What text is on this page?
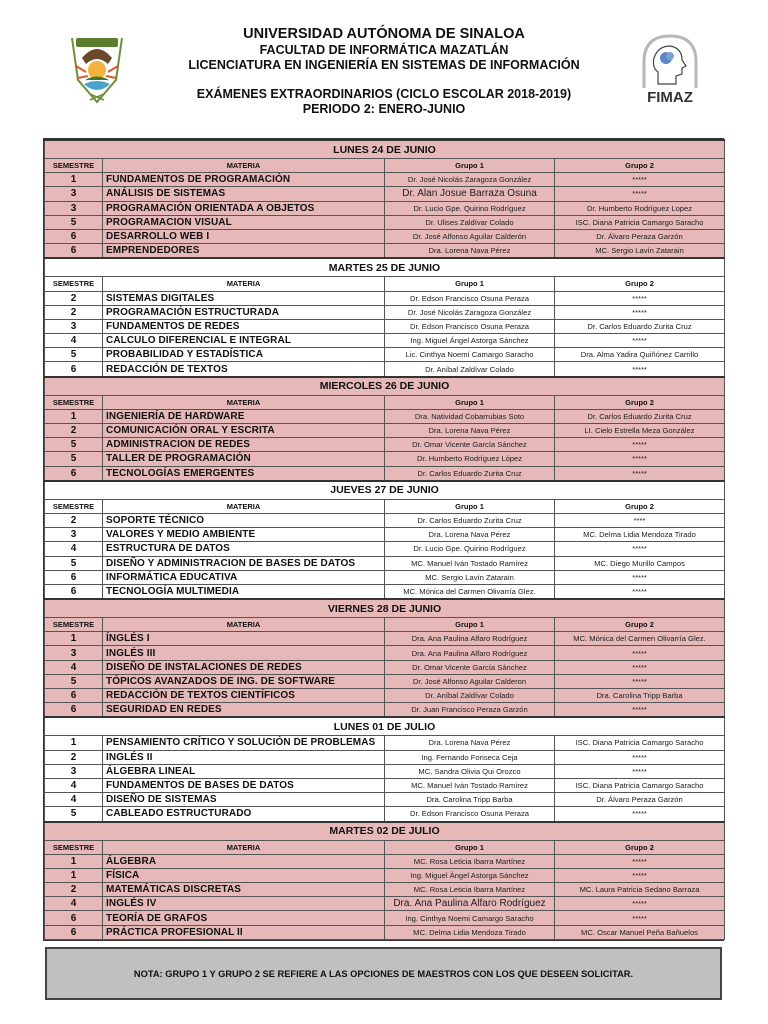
UNIVERSIDAD AUTÓNOMA DE SINALOA
FACULTAD DE INFORMÁTICA MAZATLÁN
LICENCIATURA EN INGENIERÍA EN SISTEMAS DE INFORMACIÓN
EXÁMENES EXTRAORDINARIOS (CICLO ESCOLAR 2018-2019)
PERIODO 2: ENERO-JUNIO
FIMAZ
LUNES 24 DE JUNIO			
SEMESTRE	MATERIA	Grupo 1	Grupo 2
1	FUNDAMENTOS DE PROGRAMACIÓN	Dr. José Nicolás Zaragoza González	*****
3	ANÁLISIS DE SISTEMAS	Dr. Alan Josue Barraza Osuna	*****
3	PROGRAMACIÓN ORIENTADA A OBJETOS	Dr. Lucio Gpe. Quirino Rodríguez	Dr. Humberto Rodríguez Lopez
5	PROGRAMACION VISUAL	Dr. Ulises Zaldívar Colado	ISC. Diana Patricia Camargo Saracho
6	DESARROLLO WEB I	Dr. José Alfonso Aguilar Calderón	Dr. Álvaro Peraza Garzón
6	EMPRENDEDORES	Dra. Lorena Nava Pérez	MC. Sergio Lavín Zatarain
MARTES 25 DE JUNIO			
SEMESTRE	MATERIA	Grupo 1	Grupo 2
2	SISTEMAS DIGITALES	Dr. Edson Francisco Osuna Peraza	*****
2	PROGRAMACIÓN ESTRUCTURADA	Dr. José Nicolás Zaragoza González	*****
3	FUNDAMENTOS DE REDES	Dr. Edson Francisco Osuna Peraza	Dr. Carlos Eduardo Zurita Cruz
4	CALCULO DIFERENCIAL E INTEGRAL	Ing. Miguel Ángel Astorga Sánchez	*****
5	PROBABILIDAD Y ESTADÍSTICA	Lic. Cinthya Noemí Camargo Saracho	Dra. Alma Yadira Quiñónez Carrillo
6	REDACCIÓN DE TEXTOS	Dr. Aníbal Zaldívar Colado	*****
MIERCOLES 26 DE JUNIO			
SEMESTRE	MATERIA	Grupo 1	Grupo 2
1	INGENIERÍA DE HARDWARE	Dra. Natividad Cobarrubias Soto	Dr. Carlos Eduardo Zurita Cruz
2	COMUNICACIÓN ORAL Y ESCRITA	Dra. Lorena Nava Pérez	LI. Cielo Estrella Meza González
5	ADMINISTRACION DE REDES	Dr. Omar Vicente García Sánchez	*****
5	TALLER DE PROGRAMACIÓN	Dr. Humberto Rodríguez López	*****
6	TECNOLOGÍAS EMERGENTES	Dr. Carlos Eduardo Zurita Cruz	*****
JUEVES 27 DE JUNIO			
SEMESTRE	MATERIA	Grupo 1	Grupo 2
2	SOPORTE TÉCNICO	Dr. Carlos Eduardo Zurita Cruz	****
3	VALORES Y MEDIO AMBIENTE	Dra. Lorena Nava Pérez	MC. Delma Lidia Mendoza Tirado
4	ESTRUCTURA DE DATOS	Dr. Lucio Gpe. Quirino Rodríguez	*****
5	DISEÑO Y ADMINISTRACION DE BASES DE DATOS	MC. Manuel Iván Tostado Ramírez	MC. Diego Murillo Campos
6	INFORMÁTICA EDUCATIVA	MC. Sergio Lavín Zatarain	*****
6	TECNOLOGÍA MULTIMEDIA	MC. Mónica del Carmen Olivarría Glez.	*****
VIERNES 28 DE JUNIO			
SEMESTRE	MATERIA	Grupo 1	Grupo 2
1	ÍNGLÉS I	Dra. Ana Paulina Alfaro Rodríguez	MC. Mónica del Carmen Olivarría Glez.
3	INGLÉS III	Dra. Ana Paulina Alfaro Rodríguez	*****
4	DISEÑO DE INSTALACIONES DE REDES	Dr. Omar Vicente García Sánchez	*****
5	TÓPICOS AVANZADOS DE ING. DE SOFTWARE	Dr. José Alfonso Aguilar Calderon	*****
6	REDACCIÓN DE TEXTOS CIENTÍFICOS	Dr. Aníbal Zaldívar Colado	Dra. Carolina Tripp Barba
6	SEGURIDAD EN REDES	Dr. Juan Francisco Peraza Garzón	*****
LUNES 01 DE JULIO			
1	PENSAMIENTO CRÍTICO Y SOLUCIÓN DE PROBLEMAS	Dra. Lorena Nava Pérez	ISC. Diana Patricia Camargo Saracho
2	INGLÉS II	Ing. Fernando Fonseca Ceja	*****
3	ÁLGEBRA LINEAL	MC. Sandra Olivia Qui Orozco	*****
4	FUNDAMENTOS DE BASES DE DATOS	MC. Manuel Iván Tostado Ramírez	ISC. Diana Patricia Camargo Saracho
4	DISEÑO DE SISTEMAS	Dra. Carolina Tripp Barba	Dr. Álvaro Peraza Garzón
5	CABLEADO ESTRUCTURADO	Dr. Edson Francisco Osuna Peraza	*****
MARTES 02 DE JULIO			
SEMESTRE	MATERIA	Grupo 1	Grupo 2
1	ÁLGEBRA	MC. Rosa Leticia Ibarra Martínez	*****
1	FÍSICA	Ing. Miguel Ángel Astorga Sánchez	*****
2	MATEMÁTICAS DISCRETAS	MC. Rosa Leticia Ibarra Martínez	MC. Laura Patricia Sedano Barraza
4	INGLÉS IV	Dra. Ana Paulina Alfaro Rodríguez	*****
6	TEORÍA DE GRAFOS	Ing. Cinthya Noemi Camargo Saracho	*****
6	PRÁCTICA PROFESIONAL II	MC. Delma Lidia Mendoza Tirado	MC. Oscar Manuel Peña Bañuelos
NOTA: GRUPO 1 Y GRUPO 2 SE REFIERE A LAS OPCIONES DE MAESTROS CON LOS QUE DESEEN SOLICITAR.
